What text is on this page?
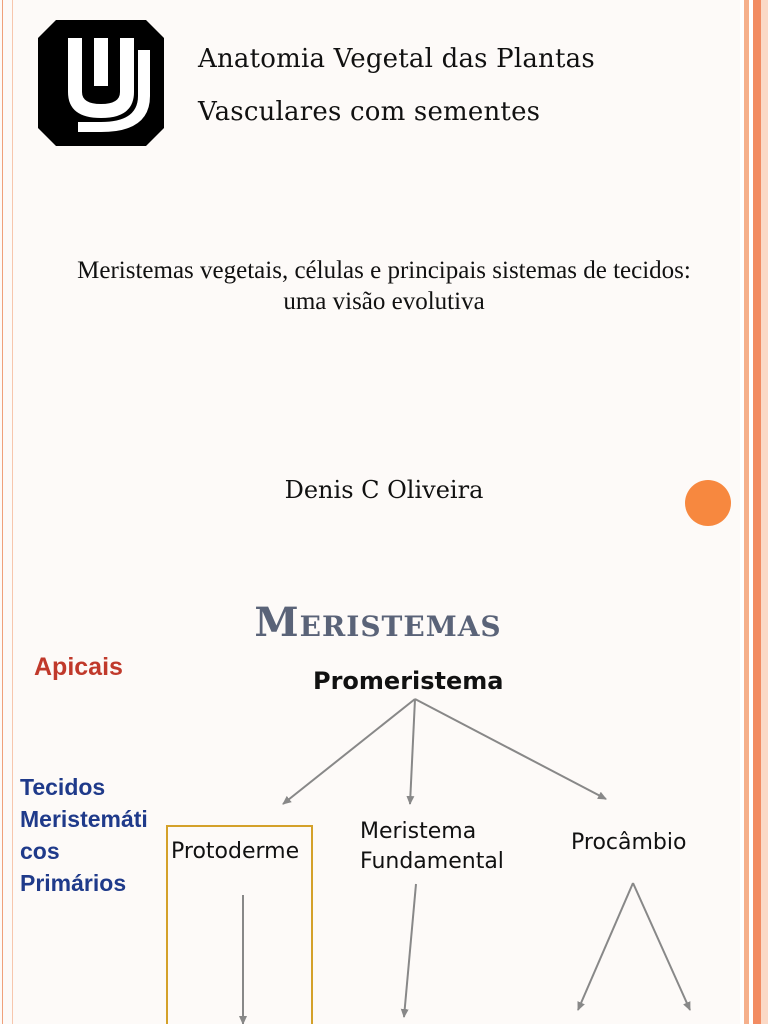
Anatomia Vegetal das Plantas
Vasculares com sementes
Meristemas vegetais, células e principais sistemas de tecidos:
uma visão evolutiva
Denis C Oliveira
Meristemas
Apicais
Tecidos
Meristemáti
cos
Primários
Promeristema
Protoderme
Meristema
Fundamental
Procâmbio
